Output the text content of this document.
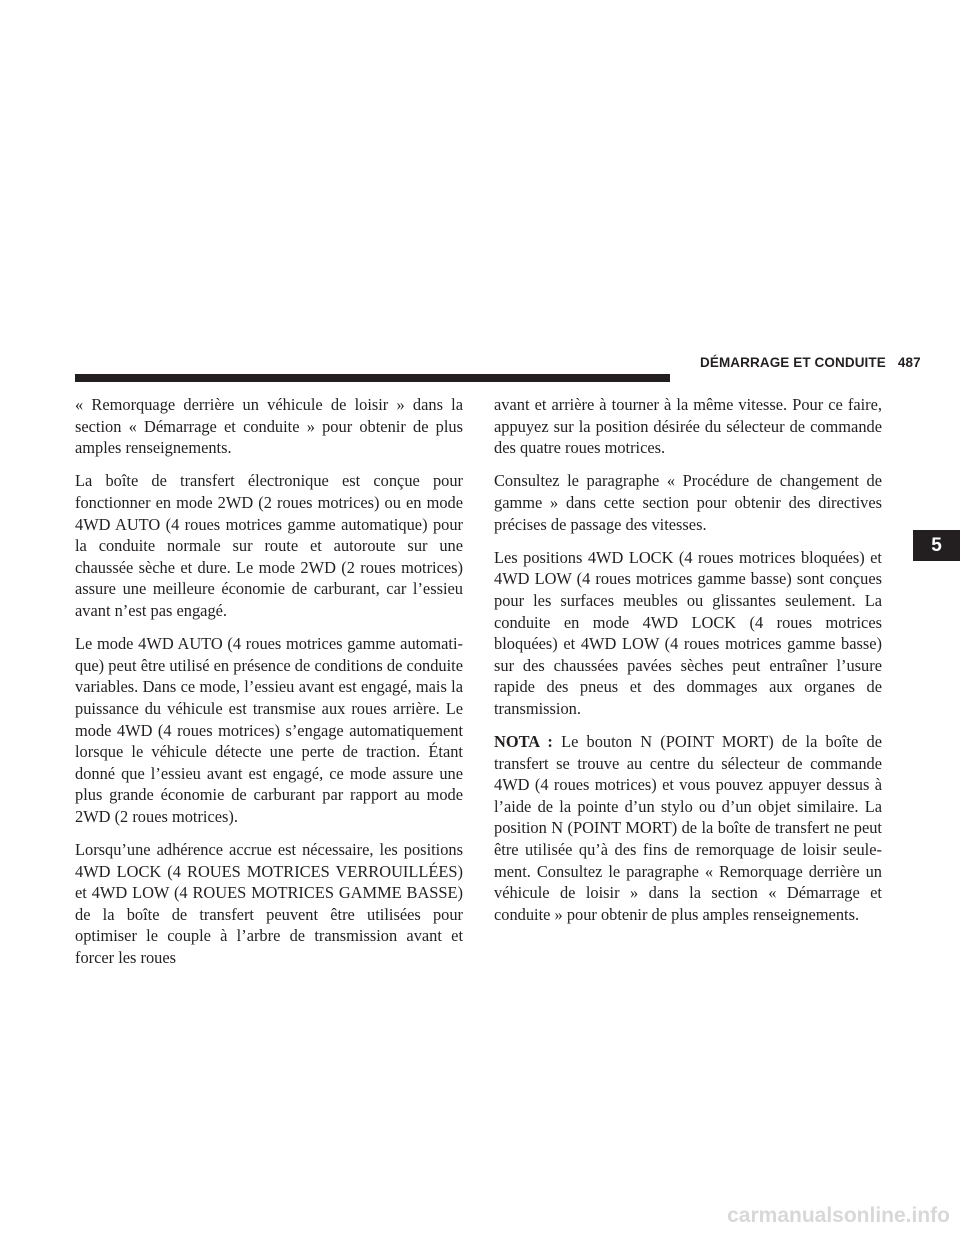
DÉMARRAGE ET CONDUITE 487

« Remorquage derrière un véhicule de loisir » dans la section « Démarrage et conduite » pour obtenir de plus amples renseignements.

La boîte de transfert électronique est conçue pour fonctionner en mode 2WD (2 roues motrices) ou en mode 4WD AUTO (4 roues motrices gamme automatique) pour la conduite normale sur route et autoroute sur une chaussée sèche et dure. Le mode 2WD (2 roues motrices) assure une meilleure économie de carburant, car l’essieu avant n’est pas engagé.

Le mode 4WD AUTO (4 roues motrices gamme automatique) peut être utilisé en présence de conditions de conduite variables. Dans ce mode, l’essieu avant est engagé, mais la puissance du véhicule est transmise aux roues arrière. Le mode 4WD (4 roues motrices) s’engage automatiquement lorsque le véhicule détecte une perte de traction. Étant donné que l’essieu avant est engagé, ce mode assure une plus grande économie de carburant par rapport au mode 2WD (2 roues motrices).

Lorsqu’une adhérence accrue est nécessaire, les positions 4WD LOCK (4 ROUES MOTRICES VERROUILLÉES) et 4WD LOW (4 ROUES MOTRICES GAMME BASSE) de la boîte de transfert peuvent être utilisées pour optimiser le couple à l’arbre de transmission avant et forcer les roues

avant et arrière à tourner à la même vitesse. Pour ce faire, appuyez sur la position désirée du sélecteur de commande des quatre roues motrices.

Consultez le paragraphe « Procédure de changement de gamme » dans cette section pour obtenir des directives précises de passage des vitesses.

Les positions 4WD LOCK (4 roues motrices bloquées) et 4WD LOW (4 roues motrices gamme basse) sont conçues pour les surfaces meubles ou glissantes seulement. La conduite en mode 4WD LOCK (4 roues motrices bloquées) et 4WD LOW (4 roues motrices gamme basse) sur des chaussées pavées sèches peut entraîner l’usure rapide des pneus et des dommages aux organes de transmission.

NOTA : Le bouton N (POINT MORT) de la boîte de transfert se trouve au centre du sélecteur de commande 4WD (4 roues motrices) et vous pouvez appuyer dessus à l’aide de la pointe d’un stylo ou d’un objet similaire. La position N (POINT MORT) de la boîte de transfert ne peut être utilisée qu’à des fins de remorquage de loisir seulement. Consultez le paragraphe « Remorquage derrière un véhicule de loisir » dans la section « Démarrage et conduite » pour obtenir de plus amples renseignements.

5
carmanualsonline.info
